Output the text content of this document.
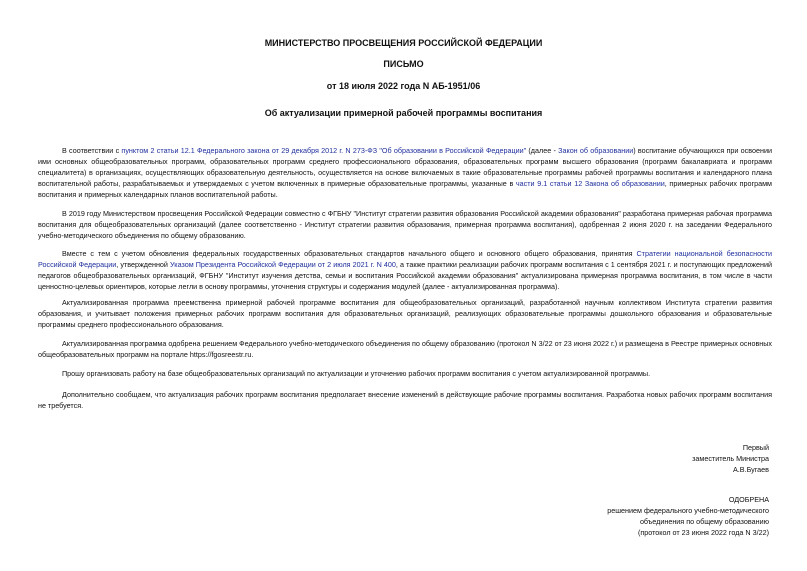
МИНИСТЕРСТВО ПРОСВЕЩЕНИЯ РОССИЙСКОЙ ФЕДЕРАЦИИ
ПИСЬМО
от 18 июля 2022 года N АБ-1951/06
Об актуализации примерной рабочей программы воспитания

В соответствии с пунктом 2 статьи 12.1 Федерального закона от 29 декабря 2012 г. N 273-ФЗ "Об образовании в Российской Федерации" (далее - Закон об образовании) воспитание обучающихся при освоении ими основных общеобразовательных программ, образовательных программ среднего профессионального образования, образовательных программ высшего образования (программ бакалавриата и программ специалитета) в организациях, осуществляющих образовательную деятельность, осуществляется на основе включаемых в такие образовательные программы рабочей программы воспитания и календарного плана воспитательной работы, разрабатываемых и утверждаемых с учетом включенных в примерные образовательные программы, указанные в части 9.1 статьи 12 Закона об образовании, примерных рабочих программ воспитания и примерных календарных планов воспитательной работы.

В 2019 году Министерством просвещения Российской Федерации совместно с ФГБНУ "Институт стратегии развития образования Российской академии образования" разработана примерная рабочая программа воспитания для общеобразовательных организаций (далее соответственно - Институт стратегии развития образования, примерная программа воспитания), одобренная 2 июня 2020 г. на заседании Федерального учебно-методического объединения по общему образованию.

Вместе с тем с учетом обновления федеральных государственных образовательных стандартов начального общего и основного общего образования, принятия Стратегии национальной безопасности Российской Федерации, утвержденной Указом Президента Российской Федерации от 2 июля 2021 г. N 400, а также практики реализации рабочих программ воспитания с 1 сентября 2021 г. и поступающих предложений педагогов общеобразовательных организаций, ФГБНУ "Институт изучения детства, семьи и воспитания Российской академии образования" актуализирована примерная программа воспитания, в том числе в части ценностно-целевых ориентиров, которые легли в основу программы, уточнения структуры и содержания модулей (далее - актуализированная программа).

Актуализированная программа преемственна примерной рабочей программе воспитания для общеобразовательных организаций, разработанной научным коллективом Института стратегии развития образования, и учитывает положения примерных рабочих программ воспитания для образовательных организаций, реализующих образовательные программы дошкольного образования и образовательные программы среднего профессионального образования.

Актуализированная программа одобрена решением Федерального учебно-методического объединения по общему образованию (протокол N 3/22 от 23 июня 2022 г.) и размещена в Реестре примерных основных общеобразовательных программ на портале https://fgosreestr.ru.

Прошу организовать работу на базе общеобразовательных организаций по актуализации и уточнению рабочих программ воспитания с учетом актуализированной программы.

Дополнительно сообщаем, что актуализация рабочих программ воспитания предполагает внесение изменений в действующие рабочие программы воспитания. Разработка новых рабочих программ воспитания не требуется.

Первый
заместитель Министра
А.В.Бугаев
ОДОБРЕНА
решением федерального учебно-методического
объединения по общему образованию
(протокол от 23 июня 2022 года N 3/22)
